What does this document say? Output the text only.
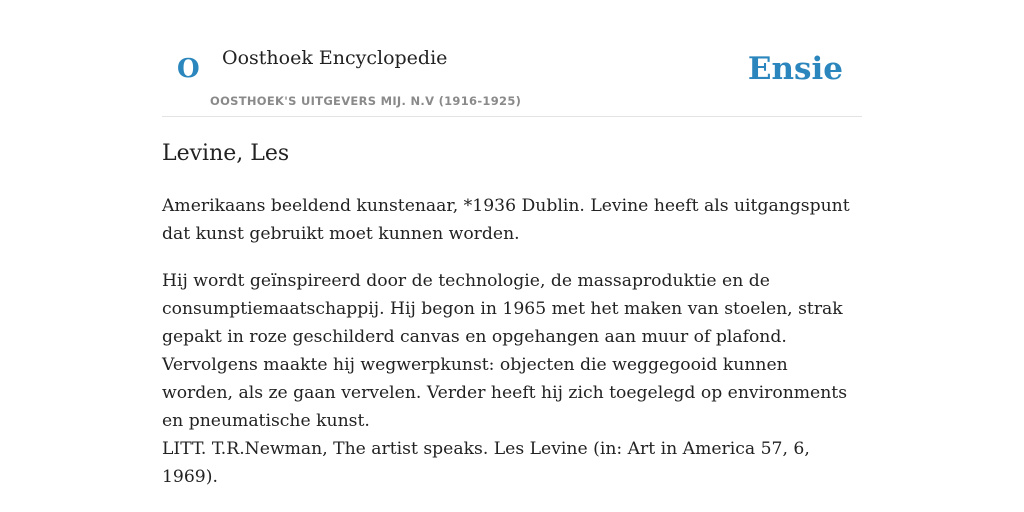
O Oosthoek Encyclopedie
OOSTHOEK'S UITGEVERS MIJ. N.V (1916-1925)
Ensie
Levine, Les

Amerikaans beeldend kunstenaar, *1936 Dublin. Levine heeft als uitgangspunt dat kunst gebruikt moet kunnen worden.

Hij wordt geïnspireerd door de technologie, de massaproduktie en de consumptiemaatschappij. Hij begon in 1965 met het maken van stoelen, strak gepakt in roze geschilderd canvas en opgehangen aan muur of plafond. Vervolgens maakte hij wegwerpkunst: objecten die weggegooid kunnen worden, als ze gaan vervelen. Verder heeft hij zich toegelegd op environments en pneumatische kunst.

LITT. T.R.Newman, The artist speaks. Les Levine (in: Art in America 57, 6, 1969).
